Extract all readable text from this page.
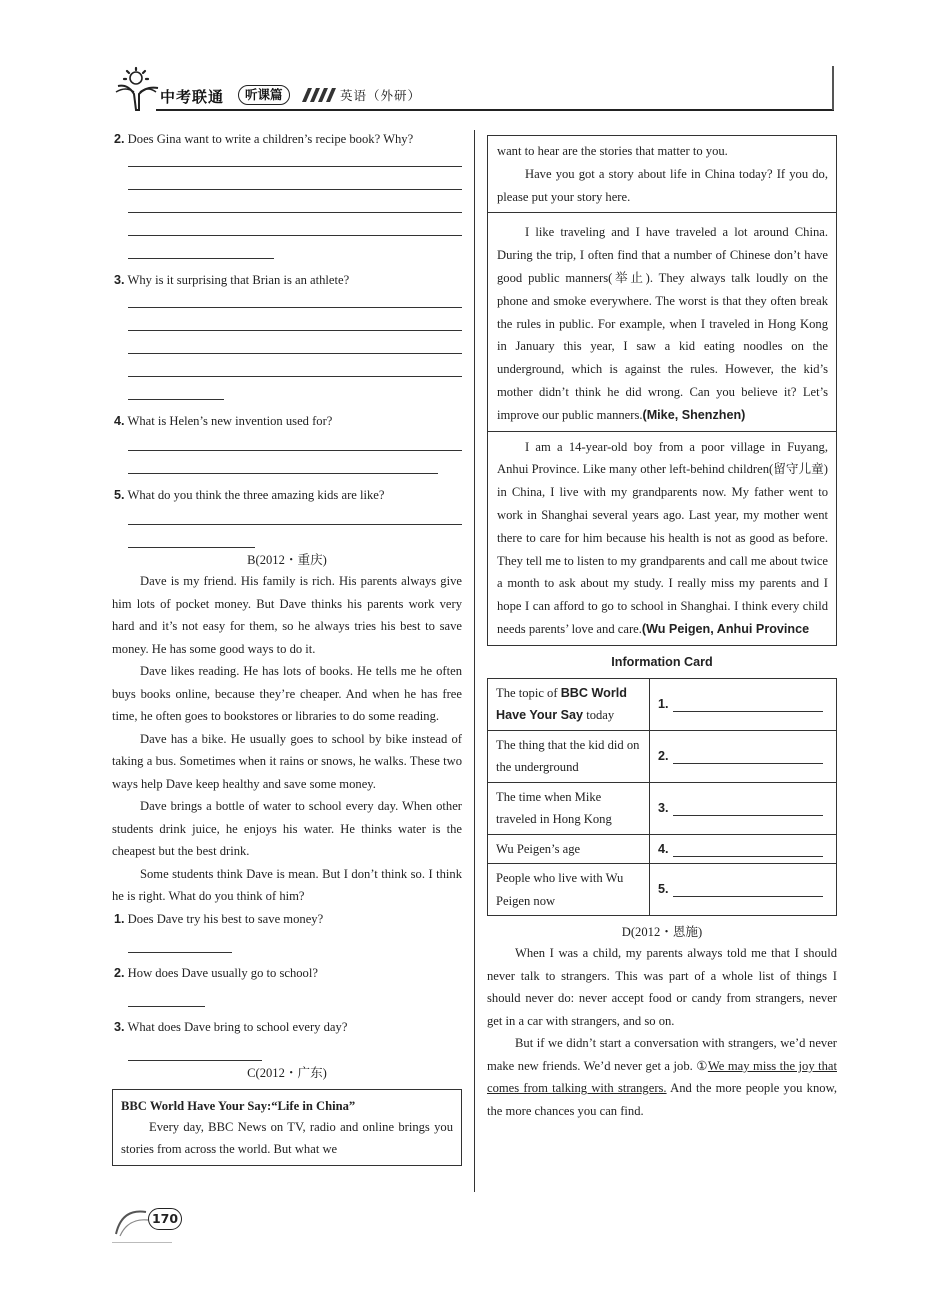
中考联通	听课篇	英语（外研）

2. Does Gina want to write a children’s recipe book? Why?

3. Why is it surprising that Brian is an athlete?

4. What is Helen’s new invention used for?

5. What do you think the three amazing kids are like?

B(2012・重庆)

Dave is my friend. His family is rich. His parents always give him lots of pocket money. But Dave thinks his parents work very hard and it’s not easy for them, so he always tries his best to save money. He has some good ways to do it.

Dave likes reading. He has lots of books. He tells me he often buys books online, because they’re cheaper. And when he has free time, he often goes to bookstores or libraries to do some reading.

Dave has a bike. He usually goes to school by bike instead of taking a bus. Sometimes when it rains or snows, he walks. These two ways help Dave keep healthy and save some money.

Dave brings a bottle of water to school every day. When other students drink juice, he enjoys his water. He thinks water is the cheapest but the best drink.

Some students think Dave is mean. But I don’t think so. I think he is right. What do you think of him?

1. Does Dave try his best to save money?

2. How does Dave usually go to school?

3. What does Dave bring to school every day?

C(2012・广东)
BBC World Have Your Say:“Life in China”

Every day, BBC News on TV, radio and online brings you stories from across the world. But what we

want to hear are the stories that matter to you.

Have you got a story about life in China today? If you do, please put your story here.

I like traveling and I have traveled a lot around China. During the trip, I often find that a number of Chinese don’t have good public manners(举止). They always talk loudly on the phone and smoke everywhere. The worst is that they often break the rules in public. For example, when I traveled in Hong Kong in January this year, I saw a kid eating noodles on the underground, which is against the rules. However, the kid’s mother didn’t think he did wrong. Can you believe it? Let’s improve our public manners.(Mike, Shenzhen)

I am a 14-year-old boy from a poor village in Fuyang, Anhui Province. Like many other left-behind children(留守儿童) in China, I live with my grandparents now. My father went to work in Shanghai several years ago. Last year, my mother went there to care for him because his health is not as good as before. They tell me to listen to my grandparents and call me about twice a month to ask about my study. I really miss my parents and I hope I can afford to go to school in Shanghai. I think every child needs parents’ love and care.(Wu Peigen, Anhui Province

Information Card
The topic of BBC World Have Your Say today	1.
The thing that the kid did on the underground	2.
The time when Mike traveled in Hong Kong	3.
Wu Peigen’s age	4.
People who live with Wu Peigen now	5.
D(2012・恩施)

When I was a child, my parents always told me that I should never talk to strangers. This was part of a whole list of things I should never do: never accept food or candy from strangers, never get in a car with strangers, and so on.

But if we didn’t start a conversation with strangers, we’d never make new friends. We’d never get a job. ①We may miss the joy that comes from talking with strangers. And the more people you know, the more chances you can find.

170
